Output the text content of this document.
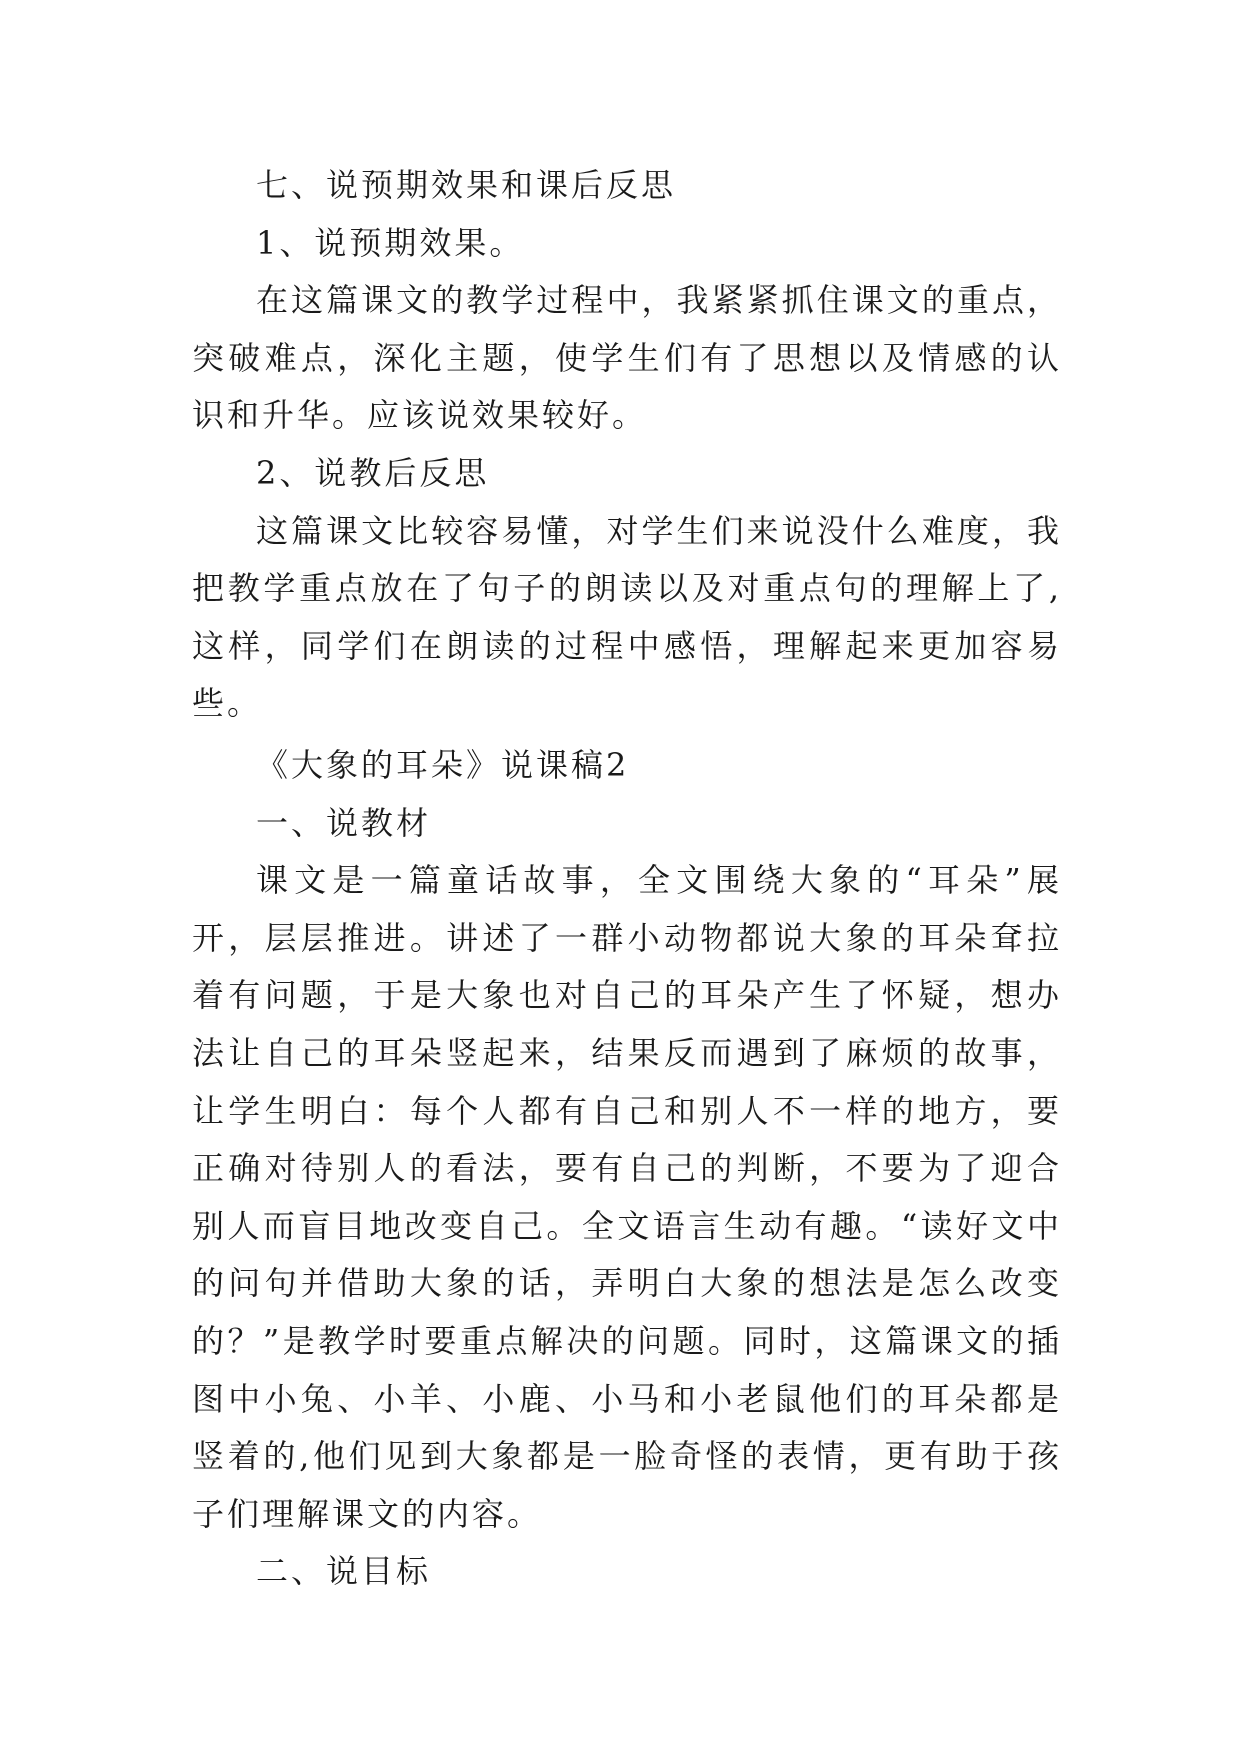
七、说预期效果和课后反思

1、说预期效果。

在这篇课文的教学过程中，我紧紧抓住课文的重点，突破难点，深化主题，使学生们有了思想以及情感的认识和升华。应该说效果较好。

2、说教后反思

这篇课文比较容易懂，对学生们来说没什么难度，我把教学重点放在了句子的朗读以及对重点句的理解上了,这样，同学们在朗读的过程中感悟，理解起来更加容易些。

《大象的耳朵》说课稿2

一、说教材

课文是一篇童话故事，全文围绕大象的“耳朵”展开，层层推进。讲述了一群小动物都说大象的耳朵耷拉着有问题，于是大象也对自己的耳朵产生了怀疑，想办法让自己的耳朵竖起来，结果反而遇到了麻烦的故事，让学生明白：每个人都有自己和别人不一样的地方，要正确对待别人的看法，要有自己的判断，不要为了迎合别人而盲目地改变自己。全文语言生动有趣。“读好文中的问句并借助大象的话，弄明白大象的想法是怎么改变的？”是教学时要重点解决的问题。同时，这篇课文的插图中小兔、小羊、小鹿、小马和小老鼠他们的耳朵都是竖着的,他们见到大象都是一脸奇怪的表情，更有助于孩子们理解课文的内容。

二、说目标
